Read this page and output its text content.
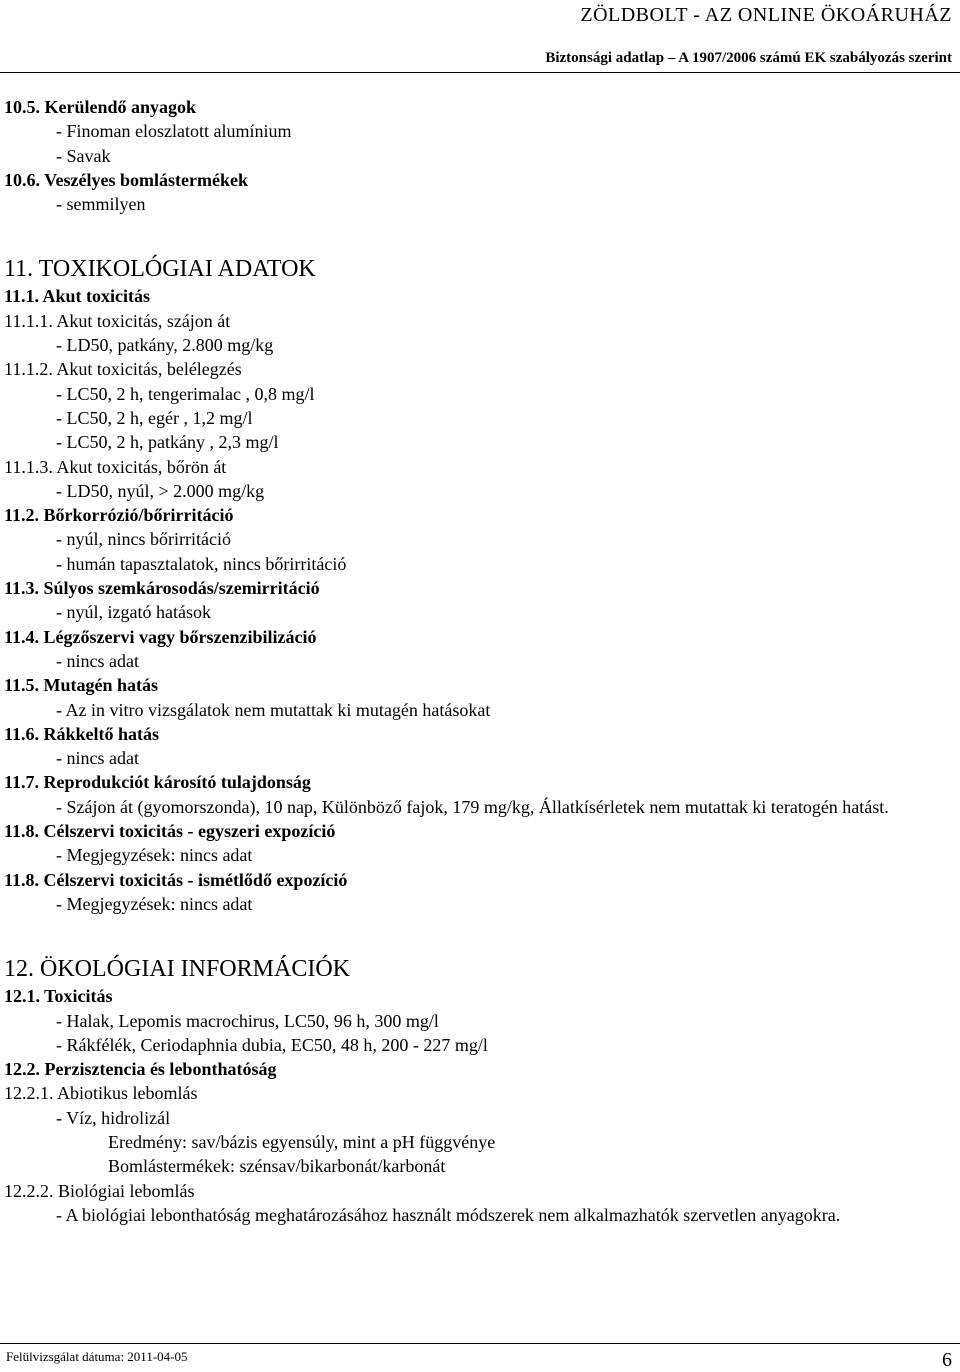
ZÖLDBOLT - AZ ONLINE ÖKOÁRUHÁZ
Biztonsági adatlap – A 1907/2006 számú EK szabályozás szerint
10.5. Kerülendő anyagok
- Finoman eloszlatott alumínium
- Savak
10.6. Veszélyes bomlástermékek
- semmilyen
11. TOXIKOLÓGIAI ADATOK
11.1. Akut toxicitás
11.1.1. Akut toxicitás, szájon át
- LD50, patkány, 2.800 mg/kg
11.1.2. Akut toxicitás, belélegzés
- LC50, 2 h, tengerimalac , 0,8 mg/l
- LC50, 2 h, egér , 1,2 mg/l
- LC50, 2 h, patkány , 2,3 mg/l
11.1.3. Akut toxicitás, bőrön át
- LD50, nyúl, > 2.000 mg/kg
11.2. Bőrkorrózió/bőrirritáció
- nyúl, nincs bőrirritáció
- humán tapasztalatok, nincs bőrirritáció
11.3. Súlyos szemkárosodás/szemirritáció
- nyúl, izgató hatások
11.4. Légzőszervi vagy bőrszenzibilizáció
- nincs adat
11.5. Mutagén hatás
- Az in vitro vizsgálatok nem mutattak ki mutagén hatásokat
11.6. Rákkeltő hatás
- nincs adat
11.7. Reprodukciót károsító tulajdonság
- Szájon át (gyomorszonda), 10 nap, Különböző fajok, 179 mg/kg, Állatkísérletek nem mutattak ki teratogén hatást.
11.8. Célszervi toxicitás - egyszeri expozíció
- Megjegyzések: nincs adat
11.8. Célszervi toxicitás - ismétlődő expozíció
- Megjegyzések: nincs adat
12. ÖKOLÓGIAI INFORMÁCIÓK
12.1. Toxicitás
- Halak, Lepomis macrochirus, LC50, 96 h, 300 mg/l
- Rákfélék, Ceriodaphnia dubia, EC50, 48 h, 200 - 227 mg/l
12.2. Perzisztencia és lebonthatóság
12.2.1. Abiotikus lebomlás
- Víz, hidrolizál
Eredmény: sav/bázis egyensúly, mint a pH függvénye
Bomlástermékek: szénsav/bikarbonát/karbonát
12.2.2. Biológiai lebomlás
- A biológiai lebonthatóság meghatározásához használt módszerek nem alkalmazhatók szervetlen anyagokra.
Felülvizsgálat dátuma: 2011-04-05	6
